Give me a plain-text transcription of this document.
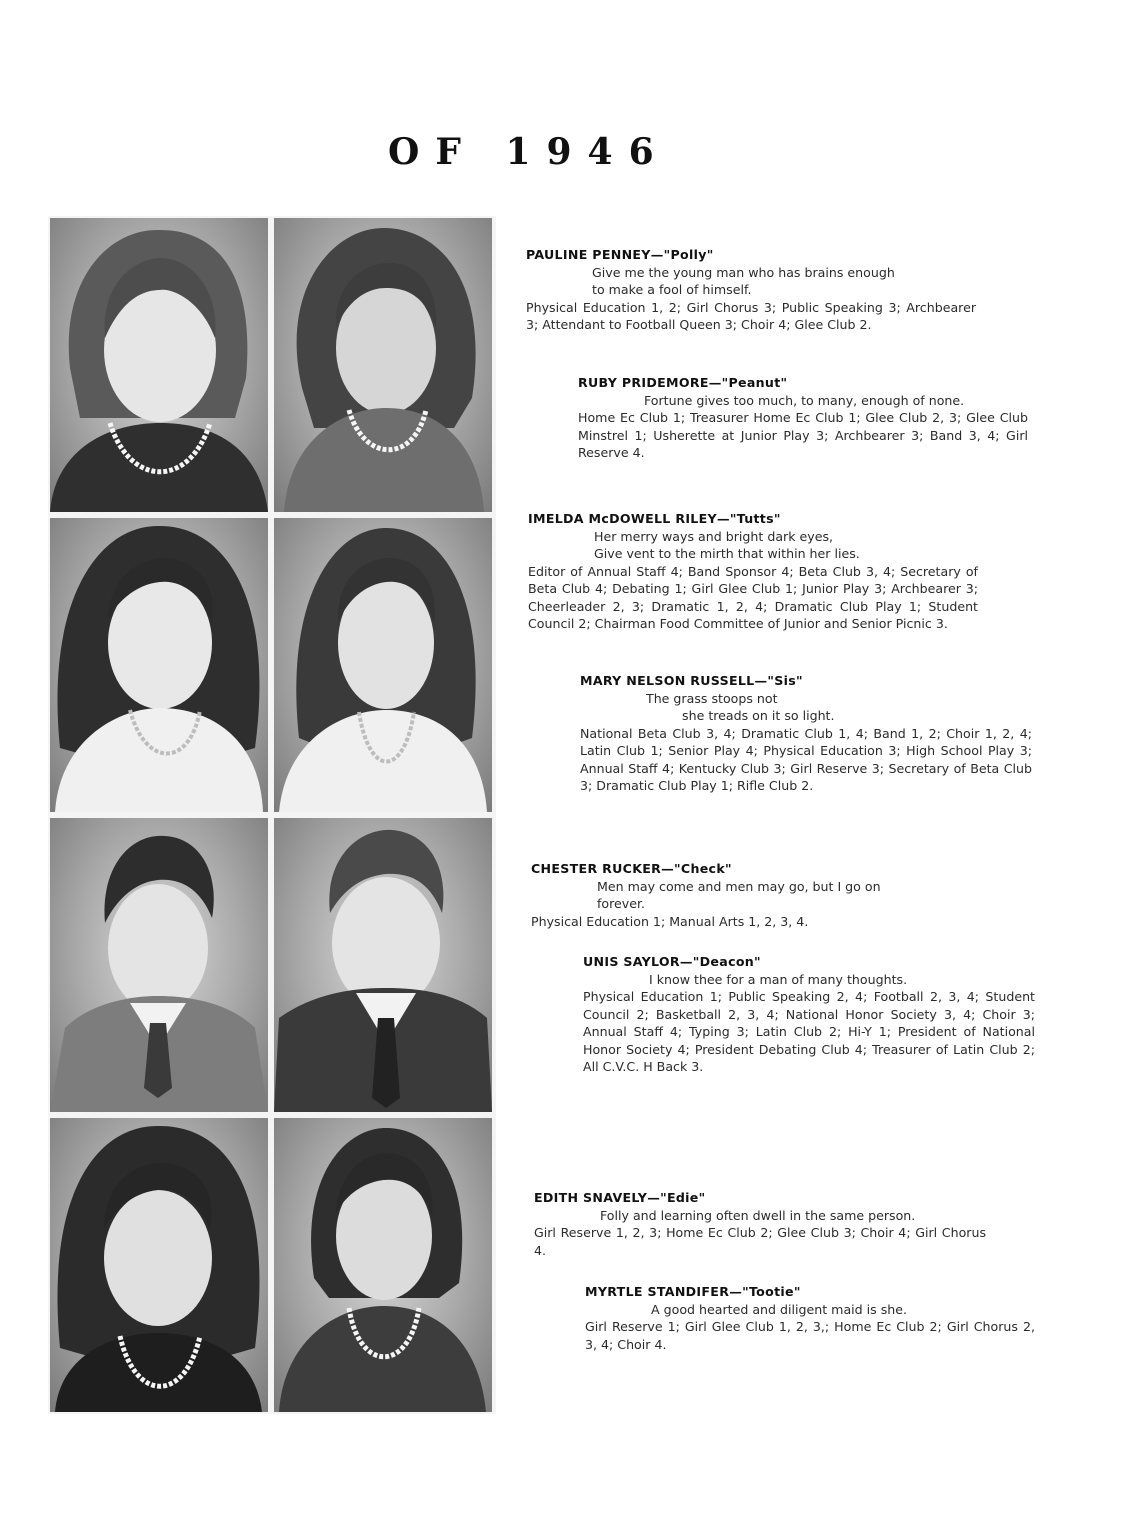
OF 1946
PAULINE PENNEY—"Polly"
Give me the young man who has brains enough
to make a fool of himself.
Physical Education 1, 2; Girl Chorus 3; Public Speaking 3; Archbearer 3; Attendant to Football Queen 3; Choir 4; Glee Club 2.
RUBY PRIDEMORE—"Peanut"
Fortune gives too much, to many, enough of none.
Home Ec Club 1; Treasurer Home Ec Club 1; Glee Club 2, 3; Glee Club Minstrel 1; Usherette at Junior Play 3; Archbearer 3; Band 3, 4; Girl Reserve 4.
IMELDA McDOWELL RILEY—"Tutts"
Her merry ways and bright dark eyes,
Give vent to the mirth that within her lies.
Editor of Annual Staff 4; Band Sponsor 4; Beta Club 3, 4; Secretary of Beta Club 4; Debating 1; Girl Glee Club 1; Junior Play 3; Archbearer 3; Cheerleader 2, 3; Dramatic 1, 2, 4; Dramatic Club Play 1; Student Council 2; Chairman Food Committee of Junior and Senior Picnic 3.
MARY NELSON RUSSELL—"Sis"
The grass stoops not
she treads on it so light.
National Beta Club 3, 4; Dramatic Club 1, 4; Band 1, 2; Choir 1, 2, 4; Latin Club 1; Senior Play 4; Physical Education 3; High School Play 3; Annual Staff 4; Kentucky Club 3; Girl Reserve 3; Secretary of Beta Club 3; Dramatic Club Play 1; Rifle Club 2.
CHESTER RUCKER—"Check"
Men may come and men may go, but I go on
forever.
Physical Education 1; Manual Arts 1, 2, 3, 4.
UNIS SAYLOR—"Deacon"
I know thee for a man of many thoughts.
Physical Education 1; Public Speaking 2, 4; Football 2, 3, 4; Student Council 2; Basketball 2, 3, 4; National Honor Society 3, 4; Choir 3; Annual Staff 4; Typing 3; Latin Club 2; Hi-Y 1; President of National Honor Society 4; President Debating Club 4; Treasurer of Latin Club 2; All C.V.C. H Back 3.
EDITH SNAVELY—"Edie"
Folly and learning often dwell in the same person.
Girl Reserve 1, 2, 3; Home Ec Club 2; Glee Club 3; Choir 4; Girl Chorus 4.
MYRTLE STANDIFER—"Tootie"
A good hearted and diligent maid is she.
Girl Reserve 1; Girl Glee Club 1, 2, 3,; Home Ec Club 2; Girl Chorus 2, 3, 4; Choir 4.
